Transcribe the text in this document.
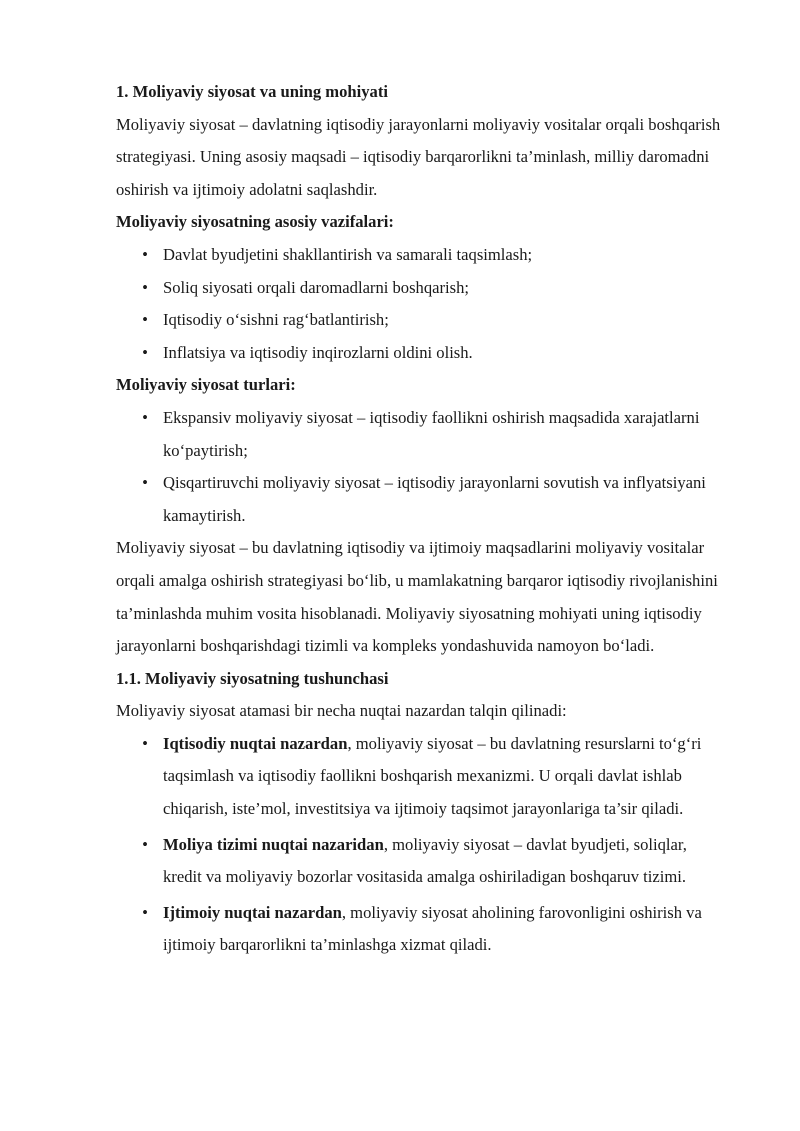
1. Moliyaviy siyosat va uning mohiyati

Moliyaviy siyosat – davlatning iqtisodiy jarayonlarni moliyaviy vositalar orqali boshqarish strategiyasi. Uning asosiy maqsadi – iqtisodiy barqarorlikni ta’minlash, milliy daromadni oshirish va ijtimoiy adolatni saqlashdir.

Moliyaviy siyosatning asosiy vazifalari:

• Davlat byudjetini shakllantirish va samarali taqsimlash;
• Soliq siyosati orqali daromadlarni boshqarish;
• Iqtisodiy o‘sishni rag‘batlantirish;
• Inflatsiya va iqtisodiy inqirozlarni oldini olish.

Moliyaviy siyosat turlari:

• Ekspansiv moliyaviy siyosat – iqtisodiy faollikni oshirish maqsadida xarajatlarni ko‘paytirish;
• Qisqartiruvchi moliyaviy siyosat – iqtisodiy jarayonlarni sovutish va inflyatsiyani kamaytirish.

Moliyaviy siyosat – bu davlatning iqtisodiy va ijtimoiy maqsadlarini moliyaviy vositalar orqali amalga oshirish strategiyasi bo‘lib, u mamlakatning barqaror iqtisodiy rivojlanishini ta’minlashda muhim vosita hisoblanadi. Moliyaviy siyosatning mohiyati uning iqtisodiy jarayonlarni boshqarishdagi tizimli va kompleks yondashuvida namoyon bo‘ladi.

1.1. Moliyaviy siyosatning tushunchasi

Moliyaviy siyosat atamasi bir necha nuqtai nazardan talqin qilinadi:

• Iqtisodiy nuqtai nazardan, moliyaviy siyosat – bu davlatning resurslarni to‘g‘ri taqsimlash va iqtisodiy faollikni boshqarish mexanizmi. U orqali davlat ishlab chiqarish, iste’mol, investitsiya va ijtimoiy taqsimot jarayonlariga ta’sir qiladi.
• Moliya tizimi nuqtai nazaridan, moliyaviy siyosat – davlat byudjeti, soliqlar, kredit va moliyaviy bozorlar vositasida amalga oshiriladigan boshqaruv tizimi.
• Ijtimoiy nuqtai nazardan, moliyaviy siyosat aholining farovonligini oshirish va ijtimoiy barqarorlikni ta’minlashga xizmat qiladi.
